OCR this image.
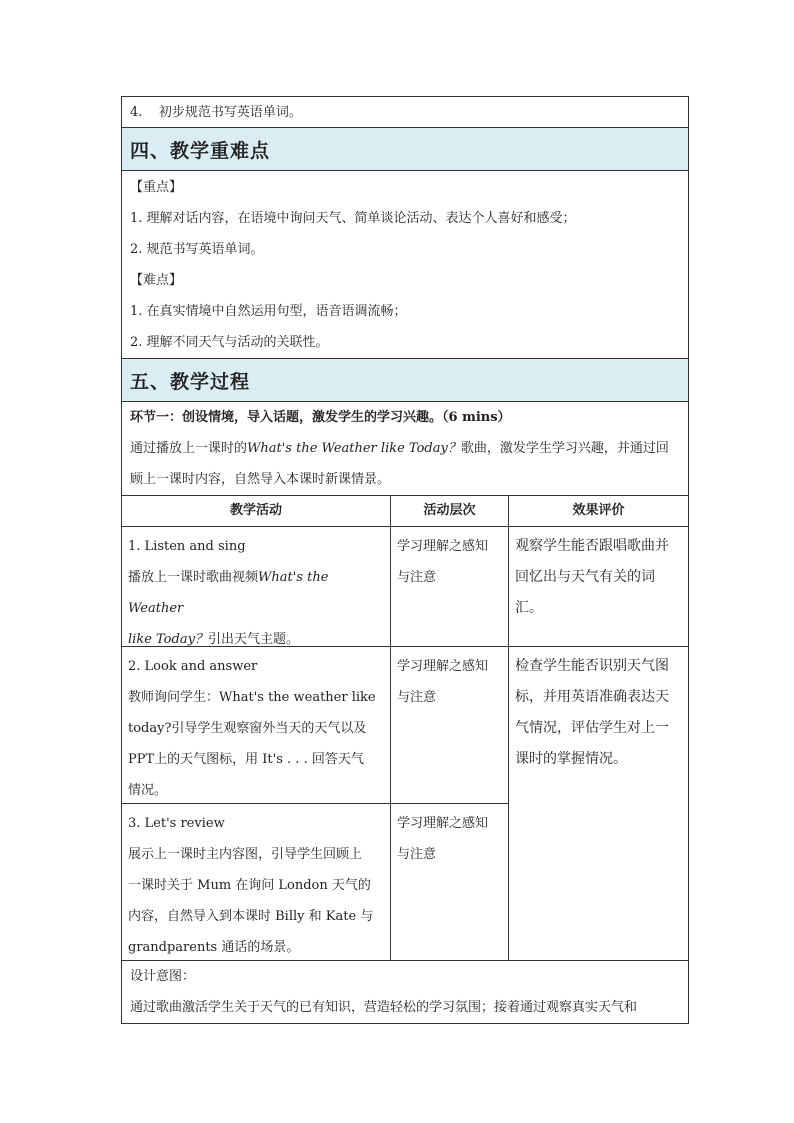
4.    初步规范书写英语单词。
四、教学重难点
【重点】
1. 理解对话内容，在语境中询问天气、简单谈论活动、表达个人喜好和感受；
2. 规范书写英语单词。
【难点】
1. 在真实情境中自然运用句型，语音语调流畅；
2. 理解不同天气与活动的关联性。
五、教学过程
环节一：创设情境，导入话题，激发学生的学习兴趣。（6 mins）
通过播放上一课时的What's the Weather like Today？歌曲，激发学生学习兴趣，并通过回
顾上一课时内容，自然导入本课时新课情景。
教学活动	活动层次	效果评价
1. Listen and sing
播放上一课时歌曲视频What's the Weather
like Today？引出天气主题。
学习理解之感知
与注意
观察学生能否跟唱歌曲并
回忆出与天气有关的词
汇。
2. Look and answer
教师询问学生：What's the weather like
today?引导学生观察窗外当天的天气以及
PPT上的天气图标，用 It's . . . 回答天气
情况。
学习理解之感知
与注意
检查学生能否识别天气图
标，并用英语准确表达天
气情况，评估学生对上一
课时的掌握情况。
3. Let's review
展示上一课时主内容图，引导学生回顾上
一课时关于 Mum 在询问 London 天气的
内容，自然导入到本课时 Billy 和 Kate 与
grandparents 通话的场景。
学习理解之感知
与注意
设计意图：
通过歌曲激活学生关于天气的已有知识，营造轻松的学习氛围；接着通过观察真实天气和
